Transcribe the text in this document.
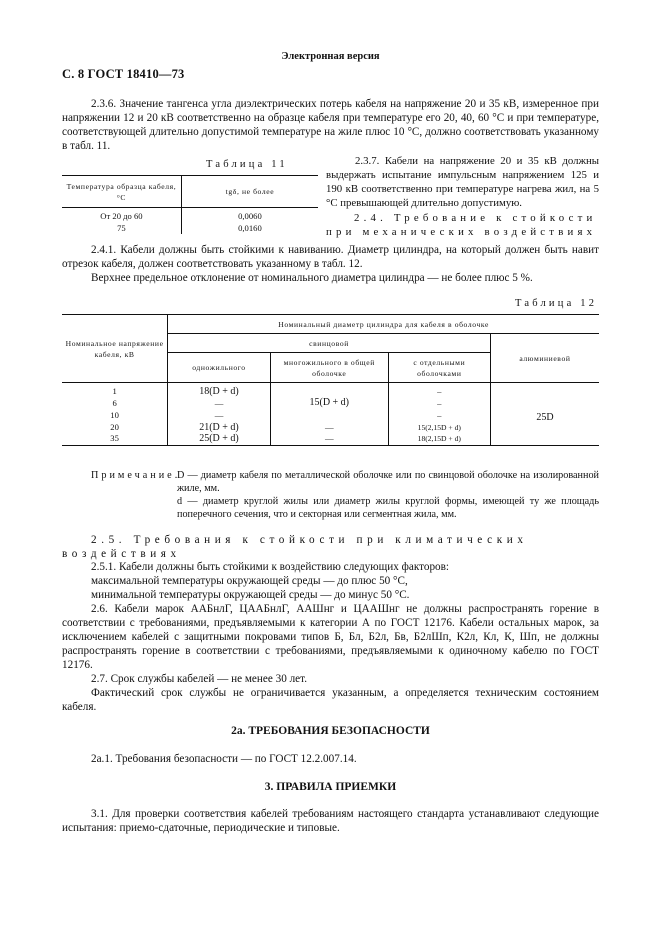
Электронная версия
С. 8 ГОСТ 18410—73
2.3.6. Значение тангенса угла диэлектрических потерь кабеля на напряжение 20 и 35 кВ, измеренное при напряжении 12 и 20 кВ соответственно на образце кабеля при температуре его 20, 40, 60 °С и при температуре, соответствующей длительно допустимой температуре на жиле плюс 10 °С, должно соответствовать указанному в табл. 11.
Таблица 11
Температура образца кабеля, °С	tgδ, не более
От 20 до 60	0,0060
75	0,0160
2.3.7. Кабели на напряжение 20 и 35 кВ должны выдержать испытание импульсным напряжением 125 и 190 кВ соответственно при температуре нагрева жил, на 5 °С превышающей длительно допустимую.
2.4. Требование к стойкости при механических воздействиях
2.4.1. Кабели должны быть стойкими к навиванию. Диаметр цилиндра, на который должен быть навит отрезок кабеля, должен соответствовать указанному в табл. 12.
Верхнее предельное отклонение от номинального диаметра цилиндра — не более плюс 5 %.
Таблица 12
Номинальное напряжение кабеля, кВ	Номинальный диаметр цилиндра для кабеля в оболочке			
	свинцовой			алюминиевой
	одножильного	многожильного в общей оболочке	с отдельными оболочками	
1	18(D + d)	15(D + d)	–	25D
6	—		–	
10	—		–	
20	21(D + d)	—	15(2,15D + d)	
35	25(D + d)	—	18(2,15D + d)	
Примечание.
D — диаметр кабеля по металлической оболочке или по свинцовой оболочке на изолированной жиле, мм.
d — диаметр круглой жилы или диаметр жилы круглой формы, имеющей ту же площадь поперечного сечения, что и секторная или сегментная жила, мм.
2.5. Требования к стойкости при климатических воздействиях
2.5.1. Кабели должны быть стойкими к воздействию следующих факторов:
максимальной температуры окружающей среды — до плюс 50 °С,
минимальной температуры окружающей среды — до минус 50 °С.
2.6. Кабели марок ААБнлГ, ЦААБнлГ, ААШнг и ЦААШнг не должны распространять горение в соответствии с требованиями, предъявляемыми к категории А по ГОСТ 12176. Кабели остальных марок, за исключением кабелей с защитными покровами типов Б, Бл, Б2л, Бв, Б2лШп, К2л, Кл, К, Шп, не должны распространять горение в соответствии с требованиями, предъявляемыми к одиночному кабелю по ГОСТ 12176.
2.7. Срок службы кабелей — не менее 30 лет.
Фактический срок службы не ограничивается указанным, а определяется техническим состоянием кабеля.
2а. ТРЕБОВАНИЯ БЕЗОПАСНОСТИ
2а.1. Требования безопасности — по ГОСТ 12.2.007.14.
3. ПРАВИЛА ПРИЕМКИ
3.1. Для проверки соответствия кабелей требованиям настоящего стандарта устанавливают следующие испытания: приемо-сдаточные, периодические и типовые.
